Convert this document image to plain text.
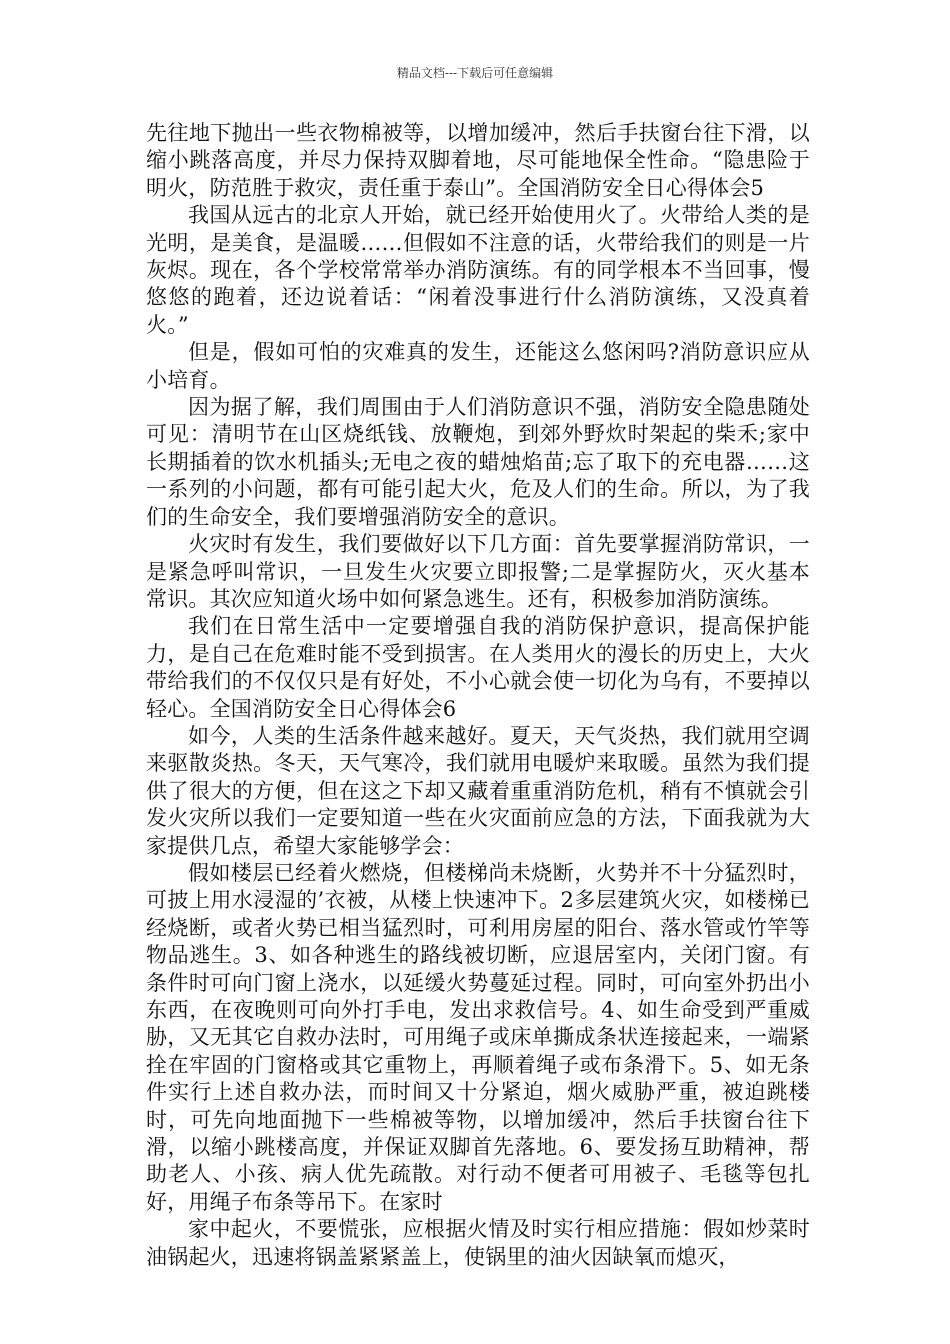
精品文档---下载后可任意编辑

先往地下抛出一些衣物棉被等，以增加缓冲，然后手扶窗台往下滑，以缩小跳落高度，并尽力保持双脚着地，尽可能地保全性命。“隐患险于明火，防范胜于救灾，责任重于泰山”。全国消防安全日心得体会5

我国从远古的北京人开始，就已经开始使用火了。火带给人类的是光明，是美食，是温暖……但假如不注意的话，火带给我们的则是一片灰烬。现在，各个学校常常举办消防演练。有的同学根本不当回事，慢悠悠的跑着，还边说着话：“闲着没事进行什么消防演练，又没真着火。”

但是，假如可怕的灾难真的发生，还能这么悠闲吗?消防意识应从小培育。

因为据了解，我们周围由于人们消防意识不强，消防安全隐患随处可见：清明节在山区烧纸钱、放鞭炮，到郊外野炊时架起的柴禾;家中长期插着的饮水机插头;无电之夜的蜡烛焰苗;忘了取下的充电器……这一系列的小问题，都有可能引起大火，危及人们的生命。所以，为了我们的生命安全，我们要增强消防安全的意识。

火灾时有发生，我们要做好以下几方面：首先要掌握消防常识，一是紧急呼叫常识，一旦发生火灾要立即报警;二是掌握防火，灭火基本常识。其次应知道火场中如何紧急逃生。还有，积极参加消防演练。

我们在日常生活中一定要增强自我的消防保护意识，提高保护能力，是自己在危难时能不受到损害。在人类用火的漫长的历史上，大火带给我们的不仅仅只是有好处，不小心就会使一切化为乌有，不要掉以轻心。全国消防安全日心得体会6

如今，人类的生活条件越来越好。夏天，天气炎热，我们就用空调来驱散炎热。冬天，天气寒冷，我们就用电暖炉来取暖。虽然为我们提供了很大的方便，但在这之下却又藏着重重消防危机，稍有不慎就会引发火灾所以我们一定要知道一些在火灾面前应急的方法，下面我就为大家提供几点，希望大家能够学会：

假如楼层已经着火燃烧，但楼梯尚未烧断，火势并不十分猛烈时，可披上用水浸湿的’衣被，从楼上快速冲下。2多层建筑火灾，如楼梯已经烧断，或者火势已相当猛烈时，可利用房屋的阳台、落水管或竹竿等物品逃生。3、如各种逃生的路线被切断，应退居室内，关闭门窗。有条件时可向门窗上浇水，以延缓火势蔓延过程。同时，可向室外扔出小东西，在夜晚则可向外打手电，发出求救信号。4、如生命受到严重威胁，又无其它自救办法时，可用绳子或床单撕成条状连接起来，一端紧拴在牢固的门窗格或其它重物上，再顺着绳子或布条滑下。5、如无条件实行上述自救办法，而时间又十分紧迫，烟火威胁严重，被迫跳楼时，可先向地面抛下一些棉被等物，以增加缓冲，然后手扶窗台往下滑，以缩小跳楼高度，并保证双脚首先落地。6、要发扬互助精神，帮助老人、小孩、病人优先疏散。对行动不便者可用被子、毛毯等包扎好，用绳子布条等吊下。在家时

家中起火，不要慌张，应根据火情及时实行相应措施：假如炒菜时油锅起火，迅速将锅盖紧紧盖上，使锅里的油火因缺氧而熄灭，
